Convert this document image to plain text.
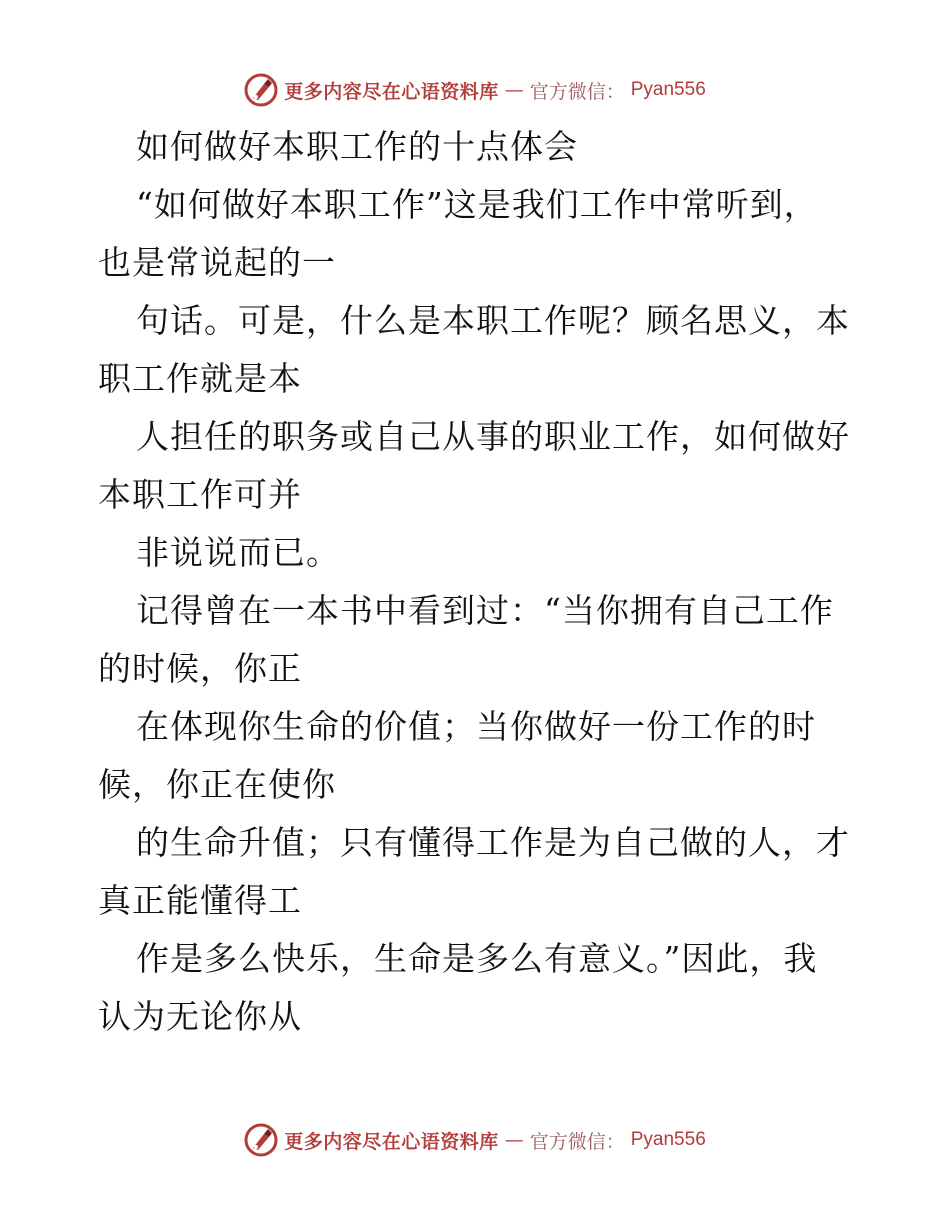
更多内容尽在心语资料库 — 官方微信： Pyan556
如何做好本职工作的十点体会
“如何做好本职工作”这是我们工作中常听到，
也是常说起的一
句话。可是，什么是本职工作呢？顾名思义，本
职工作就是本
人担任的职务或自己从事的职业工作，如何做好
本职工作可并
非说说而已。
记得曾在一本书中看到过：“当你拥有自己工作
的时候，你正
在体现你生命的价值；当你做好一份工作的时
候，你正在使你
的生命升值；只有懂得工作是为自己做的人，才
真正能懂得工
作是多么快乐，生命是多么有意义。”因此，我
认为无论你从
更多内容尽在心语资料库 — 官方微信： Pyan556
